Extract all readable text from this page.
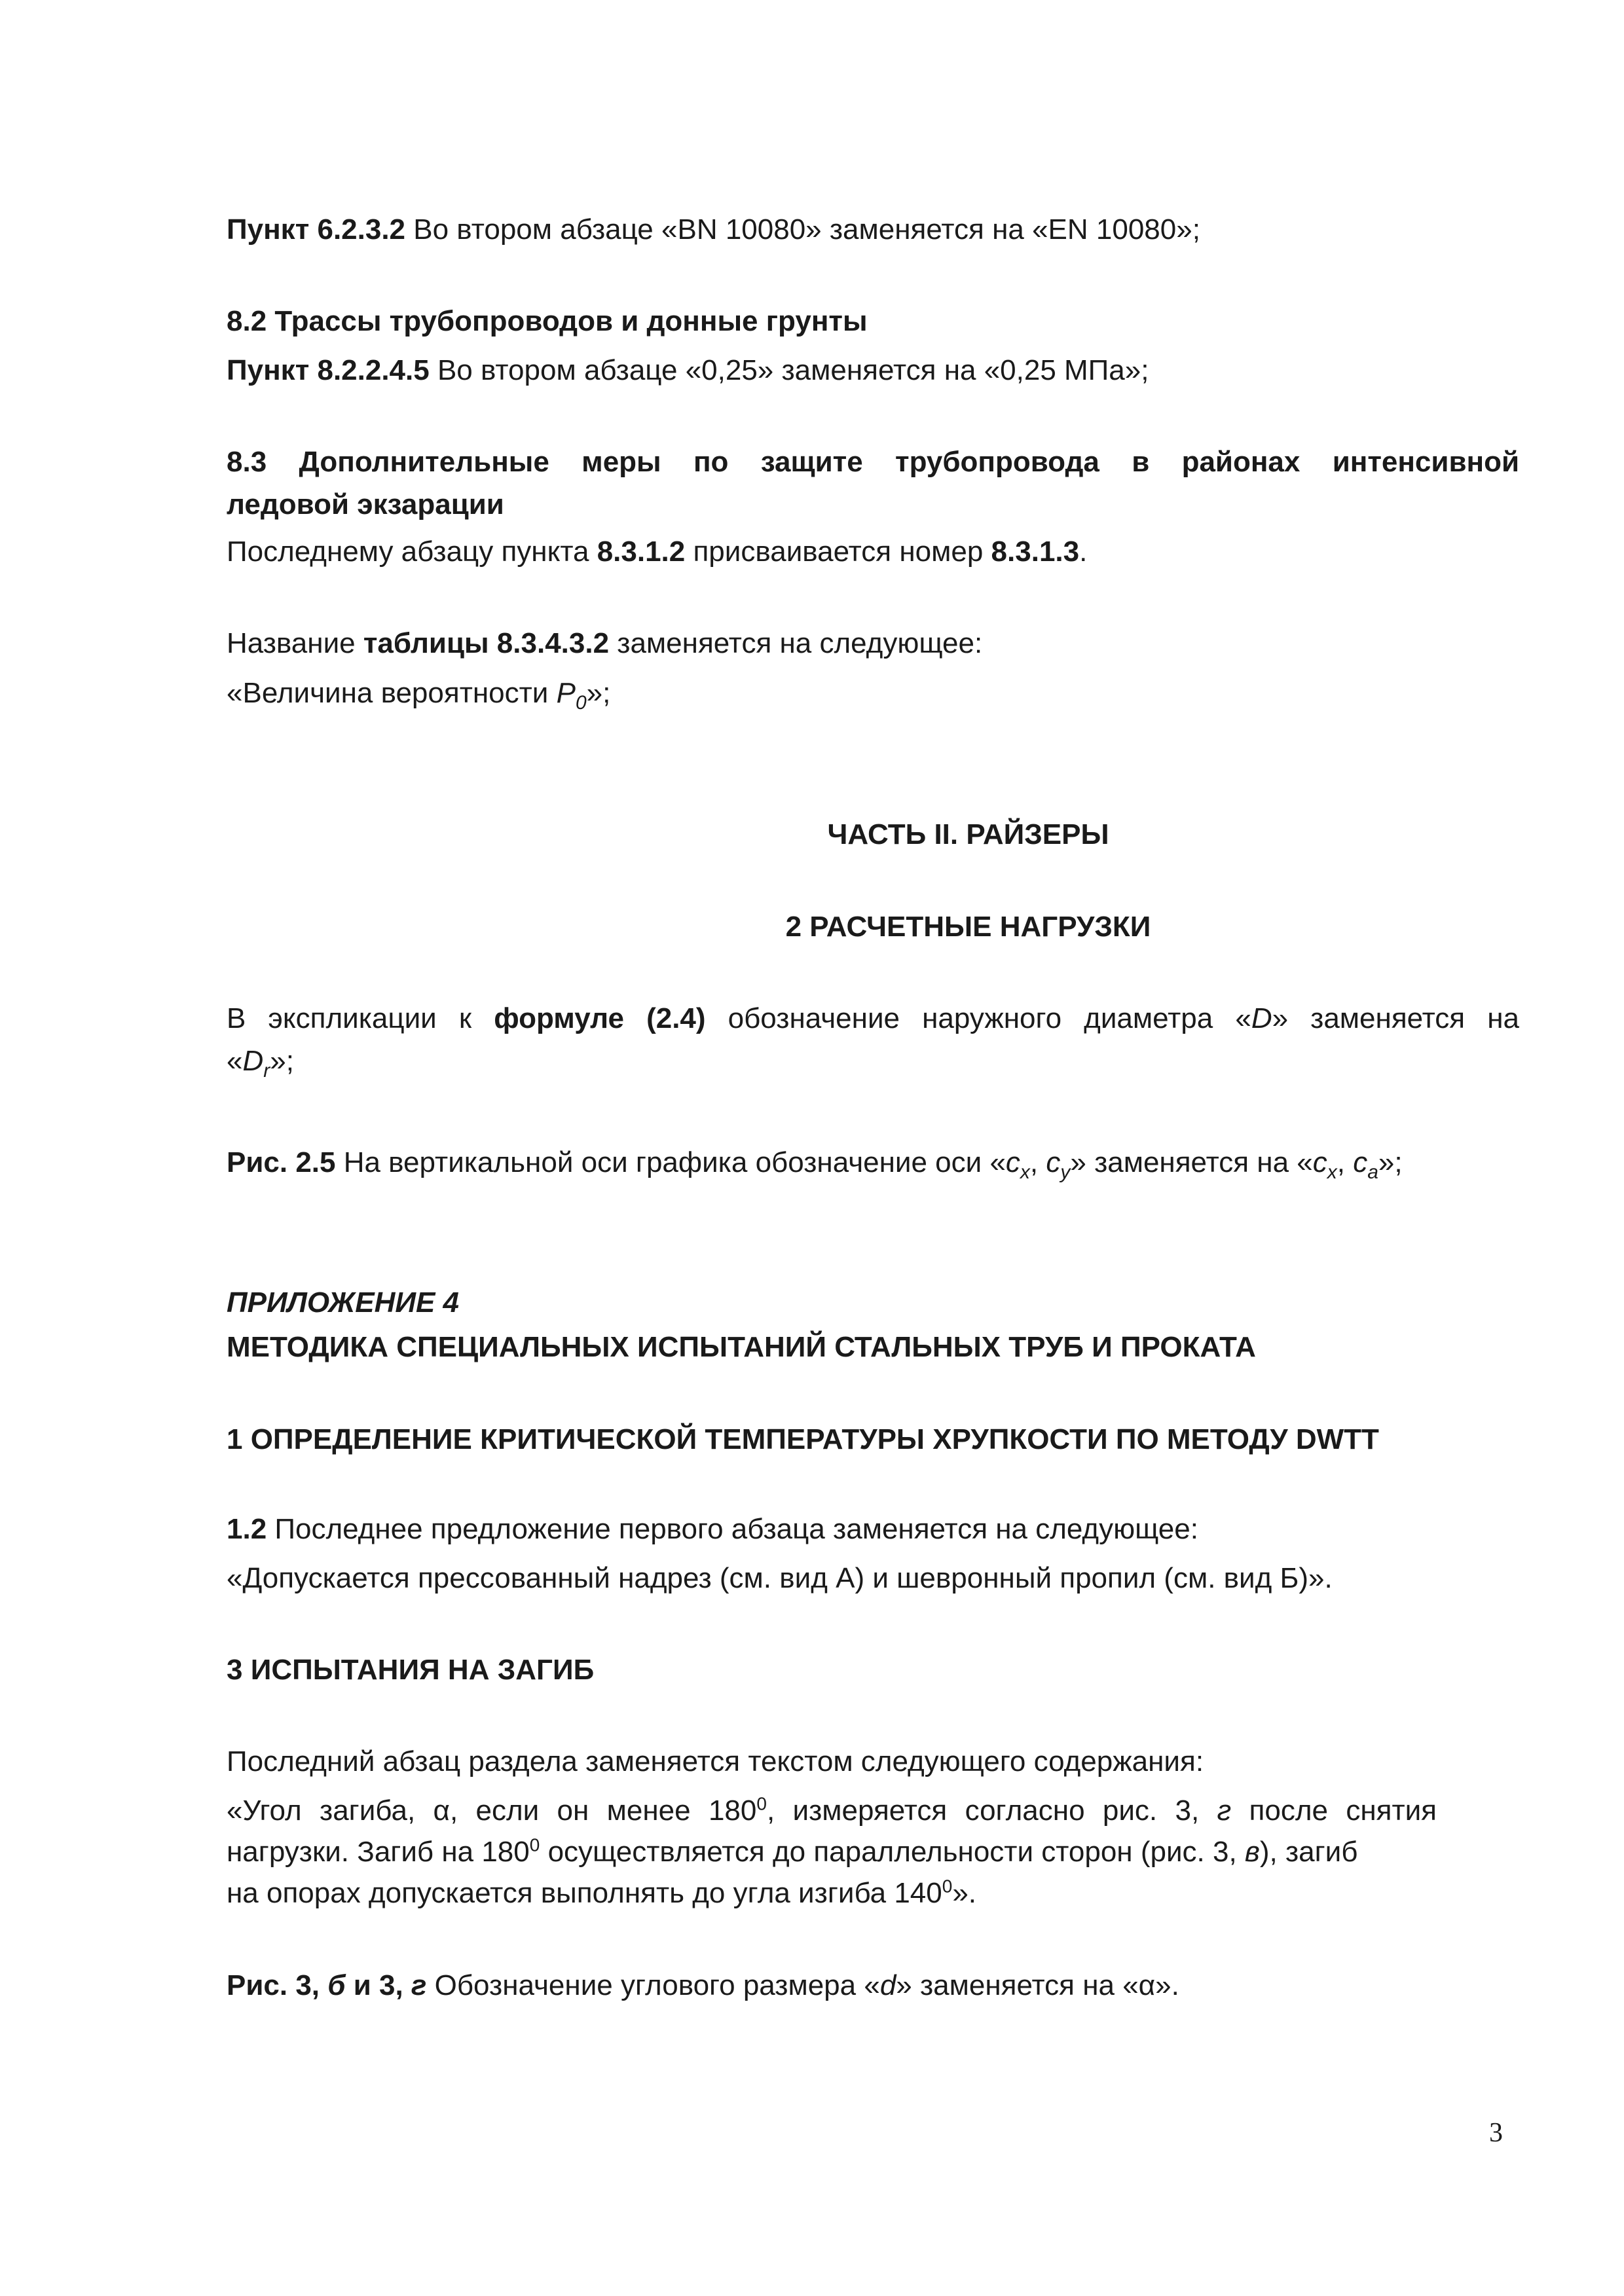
Пункт 6.2.3.2 Во втором абзаце «BN 10080» заменяется на «EN 10080»;
8.2 Трассы трубопроводов и донные грунты
Пункт 8.2.2.4.5 Во втором абзаце «0,25» заменяется на «0,25 МПа»;
8.3 Дополнительные меры по защите трубопровода в районах интенсивной
ледовой экзарации
Последнему абзацу пункта 8.3.1.2 присваивается номер 8.3.1.3.
Название таблицы 8.3.4.3.2 заменяется на следующее:
«Величина вероятности $P_0$»;
ЧАСТЬ II. РАЙЗЕРЫ
2 РАСЧЕТНЫЕ НАГРУЗКИ
В экспликации к формуле (2.4) обозначение наружного диаметра «D» заменяется на
«$D_r$»;
Рис. 2.5 На вертикальной оси графика обозначение оси «$c_x$, $c_y$» заменяется на «$c_x$, $c_a$»;
ПРИЛОЖЕНИЕ 4
МЕТОДИКА СПЕЦИАЛЬНЫХ ИСПЫТАНИЙ СТАЛЬНЫХ ТРУБ И ПРОКАТА
1 ОПРЕДЕЛЕНИЕ КРИТИЧЕСКОЙ ТЕМПЕРАТУРЫ ХРУПКОСТИ ПО МЕТОДУ DWTT
1.2 Последнее предложение первого абзаца заменяется на следующее:
«Допускается прессованный надрез (см. вид А) и шевронный пропил (см. вид Б)».
3 ИСПЫТАНИЯ НА ЗАГИБ
Последний абзац раздела заменяется текстом следующего содержания:
«Угол загиба, α, если он менее $180^0$, измеряется согласно рис. 3, г после снятия
нагрузки. Загиб на $180^0$ осуществляется до параллельности сторон (рис. 3, в), загиб
на опорах допускается выполнять до угла изгиба $140^0$».
Рис. 3, б и 3, г Обозначение углового размера «d» заменяется на «α».
3
